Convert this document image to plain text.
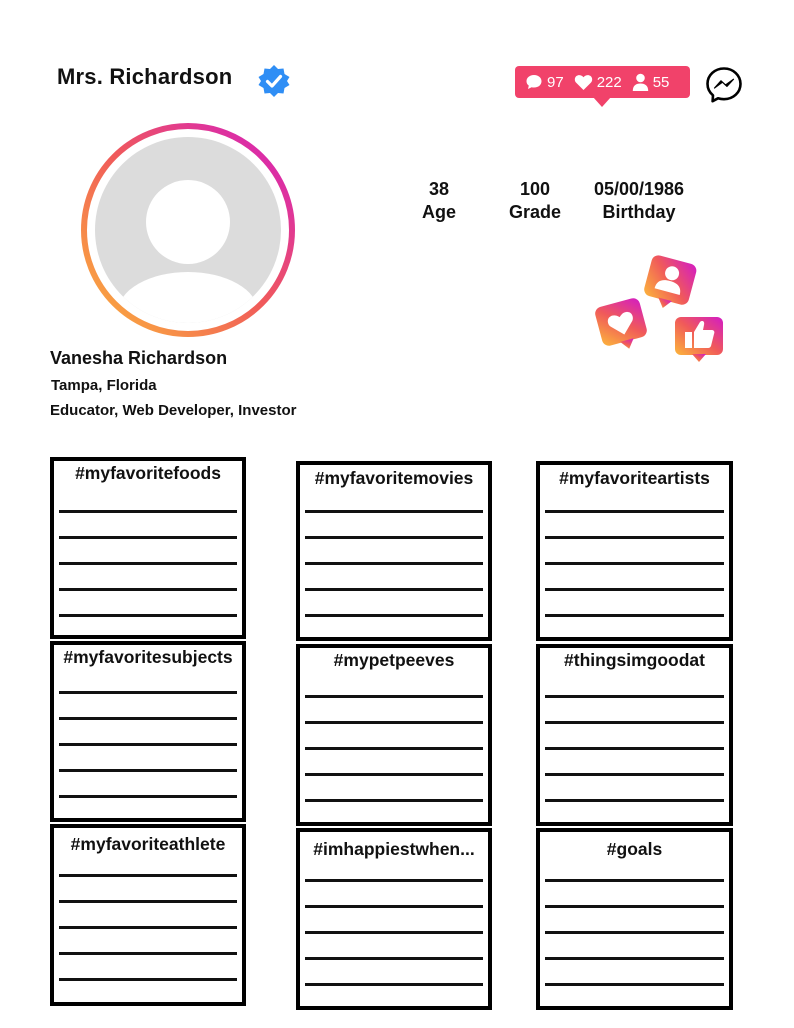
Mrs. Richardson	97 222 55
38
Age
100
Grade
05/00/1986
Birthday
Vanesha Richardson
Tampa, Florida
Educator, Web Developer, Investor
#myfavoritefoods	#myfavoritemovies	#myfavoriteartists
#myfavoritesubjects	#mypetpeeves	#thingsimgoodat
#myfavoriteathlete	#imhappiestwhen...	#goals
